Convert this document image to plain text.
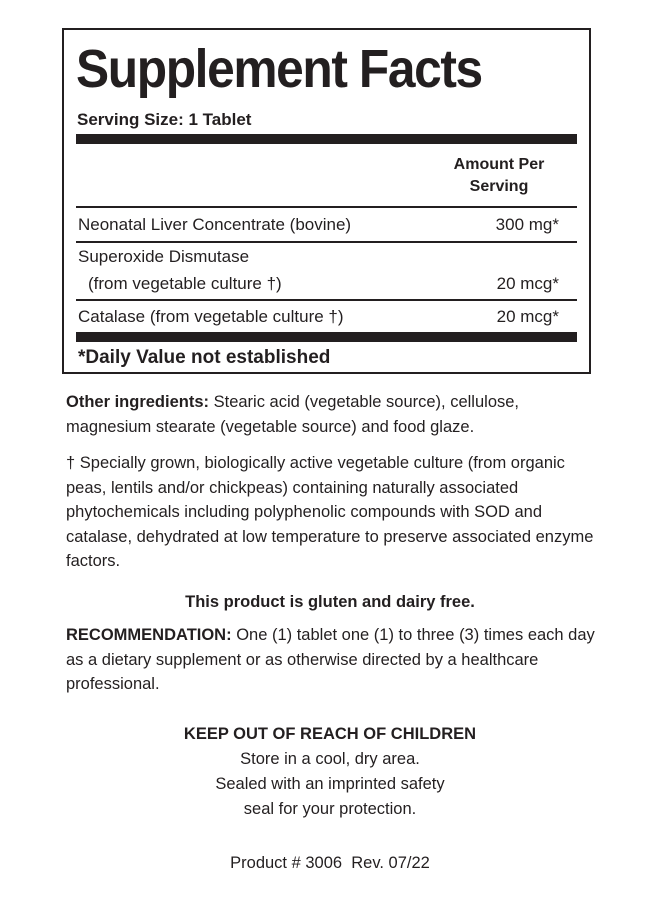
Supplement Facts
Serving Size: 1 Tablet
Amount Per
Serving
Neonatal Liver Concentrate (bovine)	300 mg*
Superoxide Dismutase
(from vegetable culture †)	20 mcg*
Catalase (from vegetable culture †)	20 mcg*
*Daily Value not established
Other ingredients: Stearic acid (vegetable source), cellulose, magnesium stearate (vegetable source) and food glaze.
† Specially grown, biologically active vegetable culture (from organic peas, lentils and/or chickpeas) containing naturally associated phytochemicals including polyphenolic compounds with SOD and catalase, dehydrated at low temperature to preserve associated enzyme factors.
This product is gluten and dairy free.
RECOMMENDATION: One (1) tablet one (1) to three (3) times each day as a dietary supplement or as otherwise directed by a healthcare professional.
KEEP OUT OF REACH OF CHILDREN
Store in a cool, dry area.
Sealed with an imprinted safety
seal for your protection.
Product # 3006  Rev. 07/22
